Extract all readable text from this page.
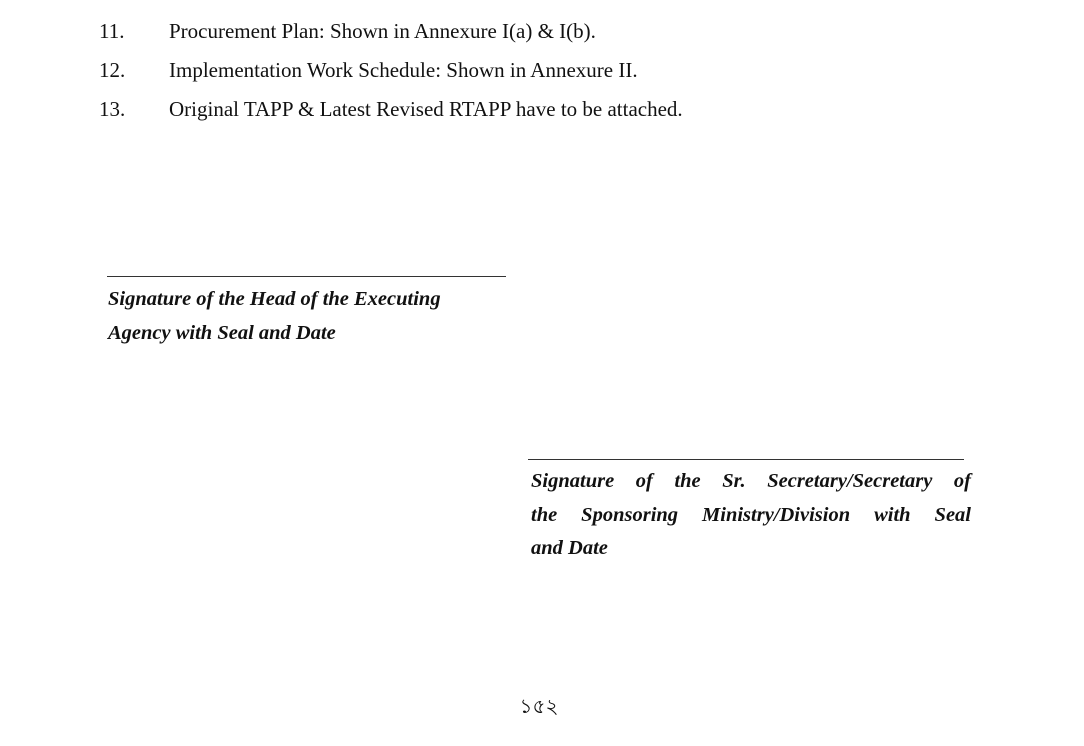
11. Procurement Plan: Shown in Annexure I(a) & I(b).
12. Implementation Work Schedule: Shown in Annexure II.
13. Original TAPP & Latest Revised RTAPP have to be attached.
Signature of the Head of the Executing
Agency with Seal and Date
Signature of the Sr. Secretary/Secretary of
the Sponsoring Ministry/Division with Seal
and Date
১৫২
